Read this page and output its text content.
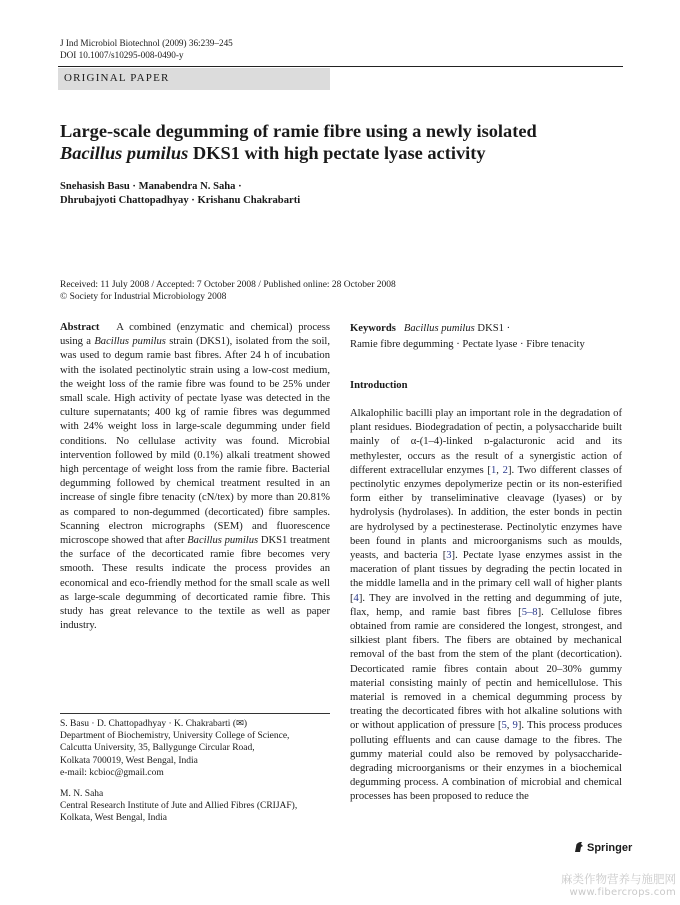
J Ind Microbiol Biotechnol (2009) 36:239–245
DOI 10.1007/s10295-008-0490-y
ORIGINAL PAPER
Large-scale degumming of ramie fibre using a newly isolated
Bacillus pumilus DKS1 with high pectate lyase activity
Snehasish Basu · Manabendra N. Saha ·
Dhrubajyoti Chattopadhyay · Krishanu Chakrabarti
Received: 11 July 2008 / Accepted: 7 October 2008 / Published online: 28 October 2008
© Society for Industrial Microbiology 2008
Abstract A combined (enzymatic and chemical) process using a Bacillus pumilus strain (DKS1), isolated from the soil, was used to degum ramie bast fibres. After 24 h of incubation with the isolated pectinolytic strain using a low-cost medium, the weight loss of the ramie fibre was found to be 25% under small scale. High activity of pectate lyase was detected in the culture supernatants; 400 kg of ramie fibres was degummed with 24% weight loss in large-scale degumming under field conditions. No cellulase activity was found. Microbial intervention followed by mild (0.1%) alkali treatment showed high percentage of weight loss from the ramie fibre. Bacterial degumming followed by chemical treatment resulted in an increase of single fibre tenacity (cN/tex) by more than 20.81% as compared to non-degummed (decorticated) fibre samples. Scanning electron micrographs (SEM) and fluorescence microscope showed that after Bacillus pumilus DKS1 treatment the surface of the decorticated ramie fibre becomes very smooth. These results indicate the process provides an economical and eco-friendly method for the small scale as well as large-scale degumming of decorticated ramie fibre. This study has great relevance to the textile as well as paper industry.
Keywords Bacillus pumilus DKS1 ·
Ramie fibre degumming · Pectate lyase · Fibre tenacity
Introduction
Alkalophilic bacilli play an important role in the degradation of plant residues. Biodegradation of pectin, a polysaccharide built mainly of α-(1–4)-linked ᴅ-galacturonic acid and its methylester, occurs as the result of a synergistic action of different extracellular enzymes [1, 2]. Two different classes of pectinolytic enzymes depolymerize pectin or its non-esterified form either by transeliminative cleavage (lyases) or by hydrolysis (hydrolases). In addition, the ester bonds in pectin are hydrolysed by a pectinesterase. Pectinolytic enzymes have been found in plants and microorganisms such as moulds, yeasts, and bacteria [3]. Pectate lyase enzymes assist in the maceration of plant tissues by degrading the pectin located in the middle lamella and in the primary cell wall of higher plants [4]. They are involved in the retting and degumming of jute, flax, hemp, and ramie bast fibres [5–8]. Cellulose fibres obtained from ramie are considered the longest, strongest, and silkiest plant fibers. The fibers are obtained by mechanical removal of the bast from the stem of the plant (decortication). Decorticated ramie fibres contain about 20–30% gummy material consisting mainly of pectin and hemicellulose. This material is removed in a chemical degumming process by treating the decorticated fibres with hot alkaline solutions with or without application of pressure [5, 9]. This process produces polluting effluents and can cause damage to the fibres. The gummy material could also be removed by polysaccharide-degrading microorganisms or their enzymes in a biochemical degumming process. A combination of microbial and chemical processes has been proposed to reduce the
S. Basu · D. Chattopadhyay · K. Chakrabarti (✉)
Department of Biochemistry, University College of Science,
Calcutta University, 35, Ballygunge Circular Road,
Kolkata 700019, West Bengal, India
e-mail: kcbioc@gmail.com
M. N. Saha
Central Research Institute of Jute and Allied Fibres (CRIJAF),
Kolkata, West Bengal, India
Springer
麻类作物营养与施肥网
www.fibercrops.com
